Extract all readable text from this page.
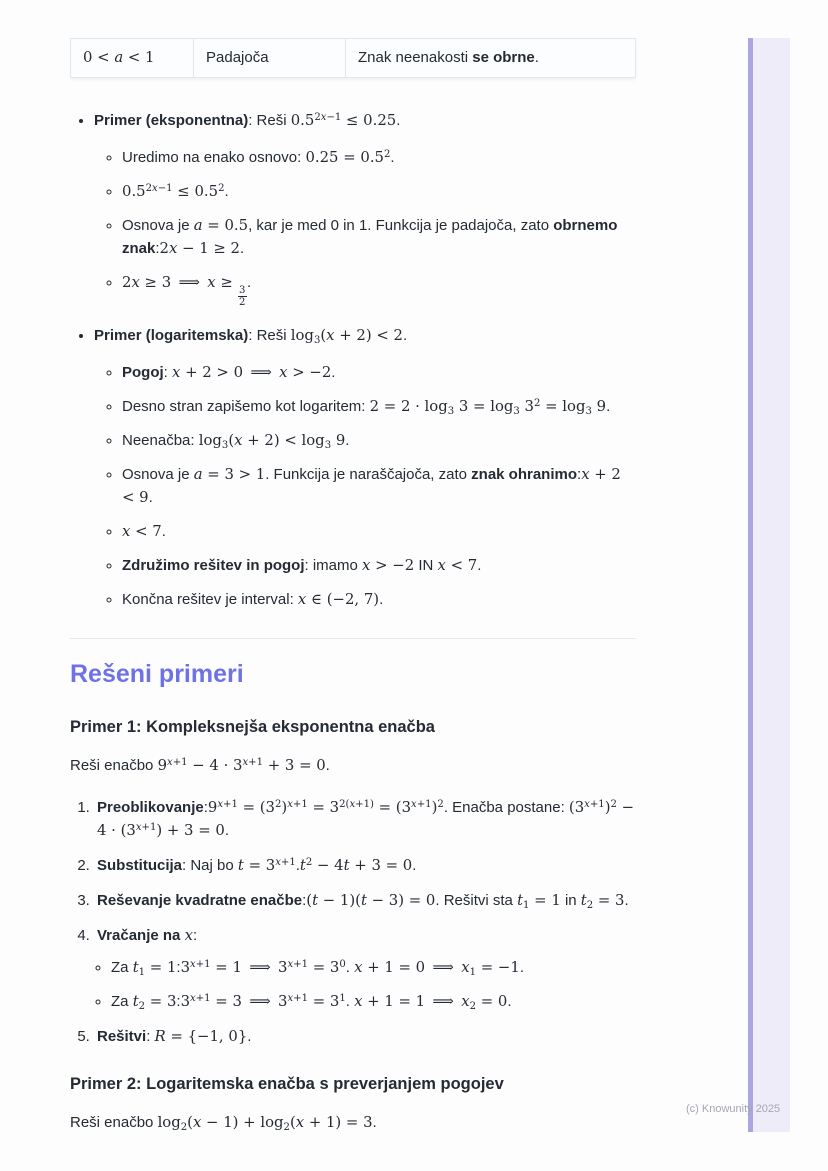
0 < a < 1	Padajoča	Znak neenakosti se obrne.
• Primer (eksponentna): Reši $0.5^{2x-1} \le 0.25$.
◦ Uredimo na enako osnovo: $0.25 = 0.5^2$.
◦ $0.5^{2x-1} \le 0.5^2$.
◦ Osnova je a = 0.5, kar je med 0 in 1. Funkcija je padajoča, zato obrnemo znak:2x − 1 ≥ 2.
◦ 2x ≥ 3 ⟹ x ≥
$\frac{3}{2}$
.
• Primer (logaritemska): Reši $\log_3(x + 2) < 2$.
◦ Pogoj: x + 2 > 0 ⟹ x > −2.
◦ Desno stran zapišemo kot logaritem: $2 = 2 \cdot \log_3 3 = \log_3 3^2 = \log_3 9$.
◦ Neenačba: $\log_3(x + 2) < \log_3 9$.
◦ Osnova je a = 3 > 1. Funkcija je naraščajoča, zato znak ohranimo:x + 2 < 9.
◦ x < 7.
◦ Združimo rešitev in pogoj: imamo x > −2 IN x < 7.
◦ Končna rešitev je interval: x ∈ (−2, 7).
Rešeni primeri
Primer 1: Kompleksnejša eksponentna enačba

Reši enačbo $9^{x+1} - 4 \cdot 3^{x+1} + 3 = 0$.

1. $Preoblikovanje:9^{x+1} = (3^2)^{x+1} = 3^{2(x+1)} = (3^{x+1})^2$. Enačba postane: $(3^{x+1})^2 - 4 \cdot (3^{x+1}) + 3 = 0$.
2. Substitucija: Naj bo $t = 3^{x+1}.t^2 - 4t + 3 = 0$.
3. Reševanje kvadratne enačbe:(t − 1)(t − 3) = 0. Rešitvi sta $t_1 = 1$ in $t_2 = 3$.
4. Vračanje na x:
◦ Za $t_1$ = $1:3^{x+1} = 1$ ⟹ $3^{x+1} = 3^0$. x + 1 = 0 ⟹ $x_1 = -1$.
◦ Za $t_2$ = $3:3^{x+1} = 3$ ⟹ $3^{x+1} = 3^1$. x + 1 = 1 ⟹ $x_2 = 0$.
5. Rešitvi: R = {−1, 0}.
Primer 2: Logaritemska enačba s preverjanjem pogojev

Reši enačbo $\log_2(x - 1) + \log_2(x + 1) = 3$.

(c) Knowunity 2025
